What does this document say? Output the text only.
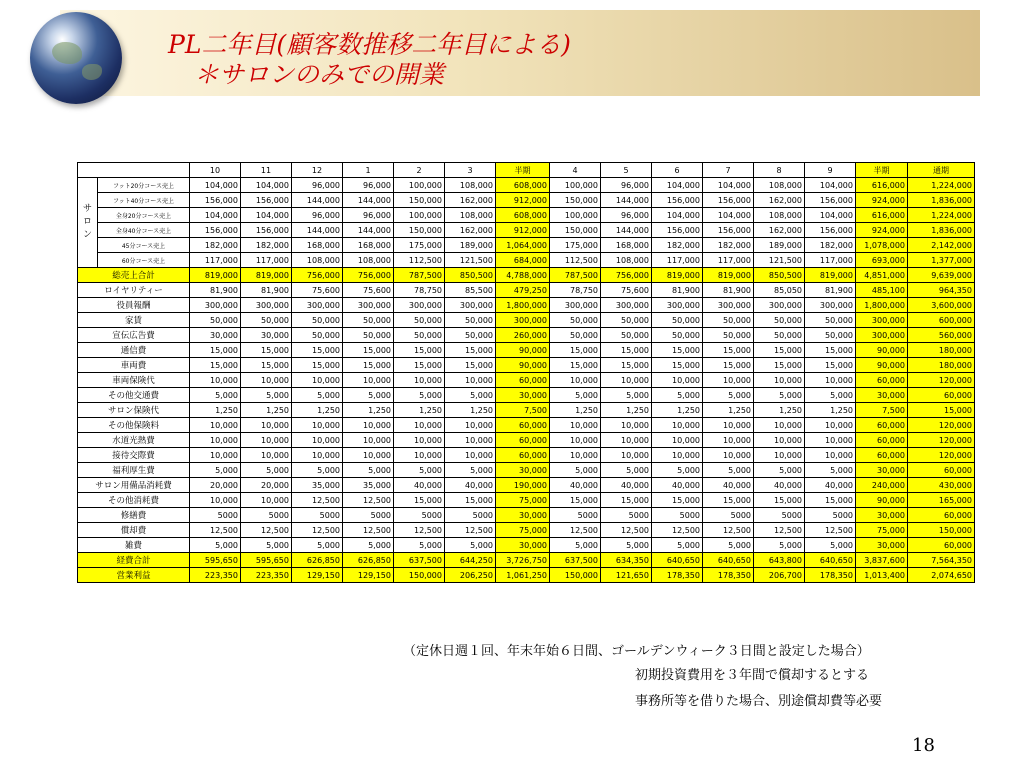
PL二年目(顧客数推移二年目による)
＊サロンのみでの開業
		10	11	12	1	2	3	半期	4	5	6	7	8	9	半期	通期

サ
ロ
ン	フット20分コース売上	104,000	104,000	96,000	96,000	100,000	108,000	608,000	100,000	96,000	104,000	104,000	108,000	104,000	616,000	1,224,000
	フット40分コース売上	156,000	156,000	144,000	144,000	150,000	162,000	912,000	150,000	144,000	156,000	156,000	162,000	156,000	924,000	1,836,000
	全身20分コース売上	104,000	104,000	96,000	96,000	100,000	108,000	608,000	100,000	96,000	104,000	104,000	108,000	104,000	616,000	1,224,000
	全身40分コース売上	156,000	156,000	144,000	144,000	150,000	162,000	912,000	150,000	144,000	156,000	156,000	162,000	156,000	924,000	1,836,000
	45分コース売上	182,000	182,000	168,000	168,000	175,000	189,000	1,064,000	175,000	168,000	182,000	182,000	189,000	182,000	1,078,000	2,142,000
	60分コース売上	117,000	117,000	108,000	108,000	112,500	121,500	684,000	112,500	108,000	117,000	117,000	121,500	117,000	693,000	1,377,000
総売上合計		819,000	819,000	756,000	756,000	787,500	850,500	4,788,000	787,500	756,000	819,000	819,000	850,500	819,000	4,851,000	9,639,000
ロイヤリティー		81,900	81,900	75,600	75,600	78,750	85,500	479,250	78,750	75,600	81,900	81,900	85,050	81,900	485,100	964,350
役員報酬		300,000	300,000	300,000	300,000	300,000	300,000	1,800,000	300,000	300,000	300,000	300,000	300,000	300,000	1,800,000	3,600,000
家賃		50,000	50,000	50,000	50,000	50,000	50,000	300,000	50,000	50,000	50,000	50,000	50,000	50,000	300,000	600,000
宣伝広告費		30,000	30,000	50,000	50,000	50,000	50,000	260,000	50,000	50,000	50,000	50,000	50,000	50,000	300,000	560,000
通信費		15,000	15,000	15,000	15,000	15,000	15,000	90,000	15,000	15,000	15,000	15,000	15,000	15,000	90,000	180,000
車両費		15,000	15,000	15,000	15,000	15,000	15,000	90,000	15,000	15,000	15,000	15,000	15,000	15,000	90,000	180,000
車両保険代		10,000	10,000	10,000	10,000	10,000	10,000	60,000	10,000	10,000	10,000	10,000	10,000	10,000	60,000	120,000
その他交通費		5,000	5,000	5,000	5,000	5,000	5,000	30,000	5,000	5,000	5,000	5,000	5,000	5,000	30,000	60,000
サロン保険代		1,250	1,250	1,250	1,250	1,250	1,250	7,500	1,250	1,250	1,250	1,250	1,250	1,250	7,500	15,000
その他保険料		10,000	10,000	10,000	10,000	10,000	10,000	60,000	10,000	10,000	10,000	10,000	10,000	10,000	60,000	120,000
水道光熱費		10,000	10,000	10,000	10,000	10,000	10,000	60,000	10,000	10,000	10,000	10,000	10,000	10,000	60,000	120,000
接待交際費		10,000	10,000	10,000	10,000	10,000	10,000	60,000	10,000	10,000	10,000	10,000	10,000	10,000	60,000	120,000
福利厚生費		5,000	5,000	5,000	5,000	5,000	5,000	30,000	5,000	5,000	5,000	5,000	5,000	5,000	30,000	60,000
サロン用備品消耗費		20,000	20,000	35,000	35,000	40,000	40,000	190,000	40,000	40,000	40,000	40,000	40,000	40,000	240,000	430,000
その他消耗費		10,000	10,000	12,500	12,500	15,000	15,000	75,000	15,000	15,000	15,000	15,000	15,000	15,000	90,000	165,000
修繕費		5000	5000	5000	5000	5000	5000	30,000	5000	5000	5000	5000	5000	5000	30,000	60,000
償却費		12,500	12,500	12,500	12,500	12,500	12,500	75,000	12,500	12,500	12,500	12,500	12,500	12,500	75,000	150,000
雑費		5,000	5,000	5,000	5,000	5,000	5,000	30,000	5,000	5,000	5,000	5,000	5,000	5,000	30,000	60,000
経費合計		595,650	595,650	626,850	626,850	637,500	644,250	3,726,750	637,500	634,350	640,650	640,650	643,800	640,650	3,837,600	7,564,350
営業利益		223,350	223,350	129,150	129,150	150,000	206,250	1,061,250	150,000	121,650	178,350	178,350	206,700	178,350	1,013,400	2,074,650
（定休日週１回、年末年始６日間、ゴールデンウィーク３日間と設定した場合）
初期投資費用を３年間で償却するとする
事務所等を借りた場合、別途償却費等必要
18
